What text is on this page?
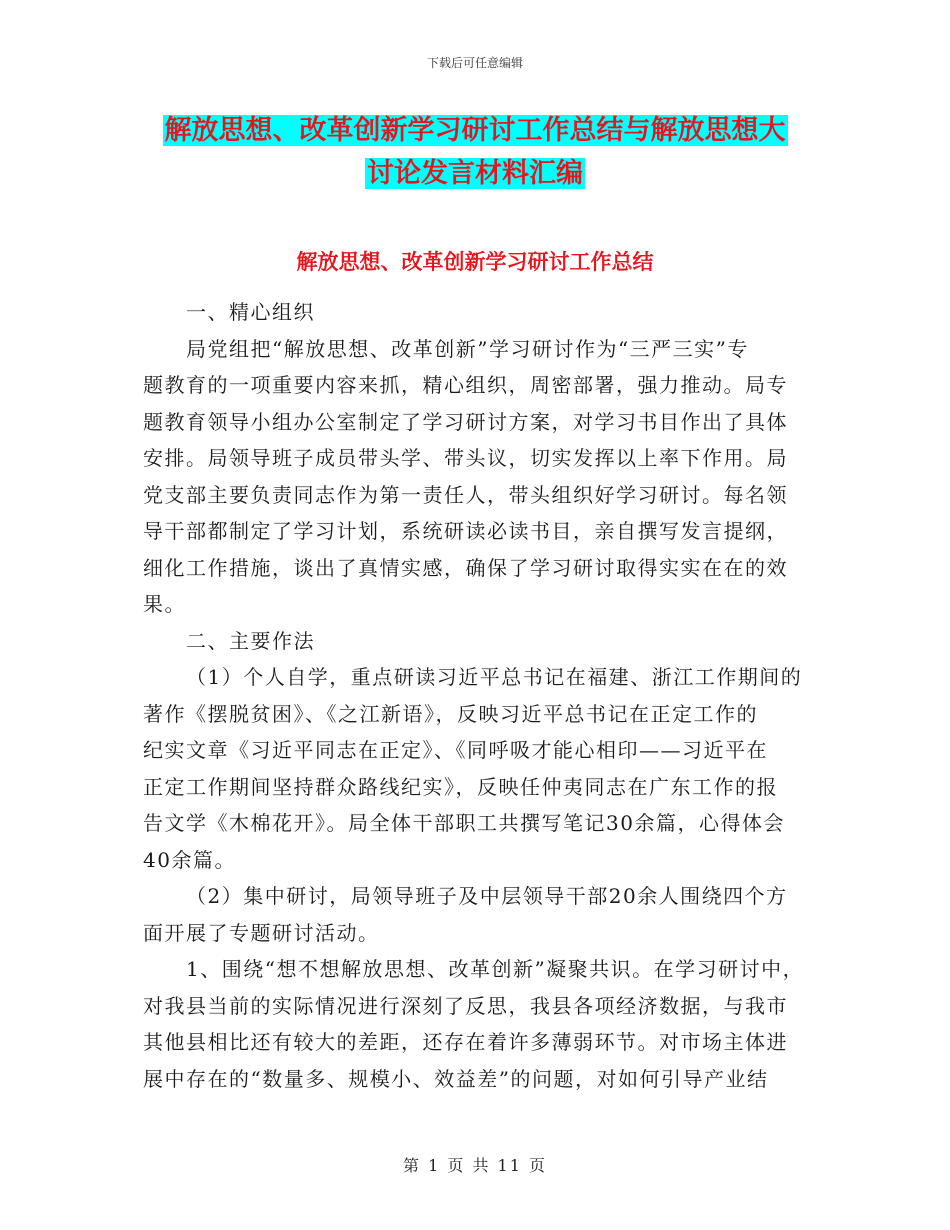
下载后可任意编辑
解放思想、改革创新学习研讨工作总结与解放思想大
讨论发言材料汇编
解放思想、改革创新学习研讨工作总结
一、精心组织
局党组把“解放思想、改革创新”学习研讨作为“三严三实”专
题教育的一项重要内容来抓，精心组织，周密部署，强力推动。局专
题教育领导小组办公室制定了学习研讨方案，对学习书目作出了具体
安排。局领导班子成员带头学、带头议，切实发挥以上率下作用。局
党支部主要负责同志作为第一责任人，带头组织好学习研讨。每名领
导干部都制定了学习计划，系统研读必读书目，亲自撰写发言提纲，
细化工作措施，谈出了真情实感，确保了学习研讨取得实实在在的效
果。
二、主要作法
（1）个人自学，重点研读习近平总书记在福建、浙江工作期间的
著作《摆脱贫困》、《之江新语》，反映习近平总书记在正定工作的
纪实文章《习近平同志在正定》、《同呼吸才能心相印——习近平在
正定工作期间坚持群众路线纪实》，反映任仲夷同志在广东工作的报
告文学《木棉花开》。局全体干部职工共撰写笔记30余篇，心得体会
40余篇。
（2）集中研讨，局领导班子及中层领导干部20余人围绕四个方
面开展了专题研讨活动。
1、围绕“想不想解放思想、改革创新”凝聚共识。在学习研讨中，
对我县当前的实际情况进行深刻了反思，我县各项经济数据，与我市
其他县相比还有较大的差距，还存在着许多薄弱环节。对市场主体进
展中存在的“数量多、规模小、效益差”的问题，对如何引导产业结
第 1 页 共 11 页
